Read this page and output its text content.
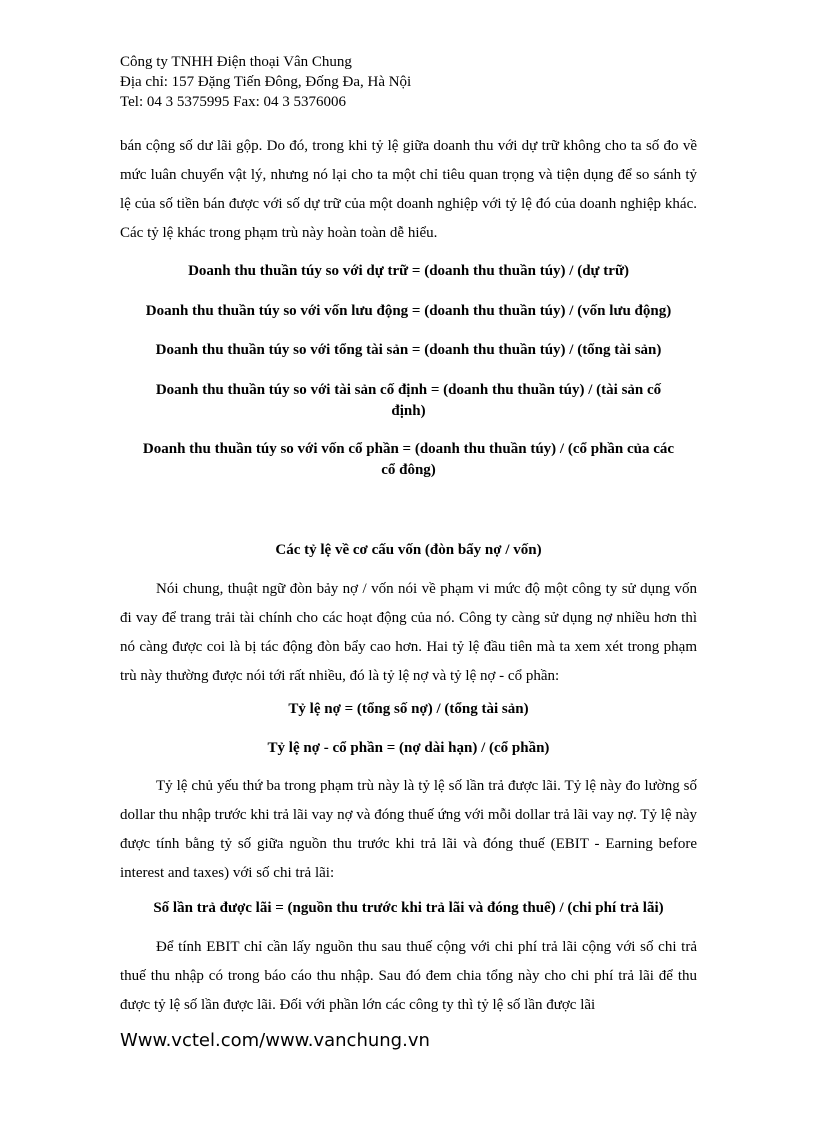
Công ty TNHH Điện thoại Vân Chung
Địa chỉ: 157 Đặng Tiến Đông, Đống Đa, Hà Nội
Tel: 04 3 5375995 Fax: 04 3 5376006

bán cộng số dư lãi gộp. Do đó, trong khi tỷ lệ giữa doanh thu với dự trữ không cho ta số đo về mức luân chuyển vật lý, nhưng nó lại cho ta một chỉ tiêu quan trọng và tiện dụng để so sánh tỷ lệ của số tiền bán được với số dự trữ của một doanh nghiệp với tỷ lệ đó của doanh nghiệp khác. Các tỷ lệ khác trong phạm trù này hoàn toàn dễ hiểu.

Doanh thu thuần túy so với dự trữ = (doanh thu thuần túy) / (dự trữ)

Doanh thu thuần túy so với vốn lưu động = (doanh thu thuần túy) / (vốn lưu động)

Doanh thu thuần túy so với tổng tài sản = (doanh thu thuần túy) / (tổng tài sản)

Doanh thu thuần túy so với tài sản cố định = (doanh thu thuần túy) / (tài sản cố định)

Doanh thu thuần túy so với vốn cổ phần = (doanh thu thuần túy) / (cổ phần của các cổ đông)

Các tỷ lệ về cơ cấu vốn (đòn bẩy nợ / vốn)

Nói chung, thuật ngữ đòn bảy nợ / vốn nói về phạm vi mức độ một công ty sử dụng vốn đi vay để trang trải tài chính cho các hoạt động của nó. Công ty càng sử dụng nợ nhiều hơn thì nó càng được coi là bị tác động đòn bẩy cao hơn. Hai tỷ lệ đầu tiên mà ta xem xét trong phạm trù này thường được nói tới rất nhiều, đó là tỷ lệ nợ và tỷ lệ nợ - cổ phần:

Tỷ lệ nợ = (tổng số nợ) / (tổng tài sản)

Tỷ lệ nợ - cổ phần = (nợ dài hạn) / (cổ phần)

Tỷ lệ chủ yếu thứ ba trong phạm trù này là tỷ lệ số lần trả được lãi. Tỷ lệ này đo lường số dollar thu nhập trước khi trả lãi vay nợ và đóng thuế ứng với mỗi dollar trả lãi vay nợ. Tỷ lệ này được tính bằng tỷ số giữa nguồn thu trước khi trả lãi và đóng thuế (EBIT - Earning before interest and taxes) với số chi trả lãi:

Số lần trả được lãi = (nguồn thu trước khi trả lãi và đóng thuế) / (chi phí trả lãi)

Để tính EBIT chỉ cần lấy nguồn thu sau thuế cộng với chi phí trả lãi cộng với số chi trả thuế thu nhập có trong báo cáo thu nhập. Sau đó đem chia tổng này cho chi phí trả lãi để thu được tỷ lệ số lần được lãi. Đối với phần lớn các công ty thì tỷ lệ số lần được lãi

Www.vctel.com/www.vanchung.vn
